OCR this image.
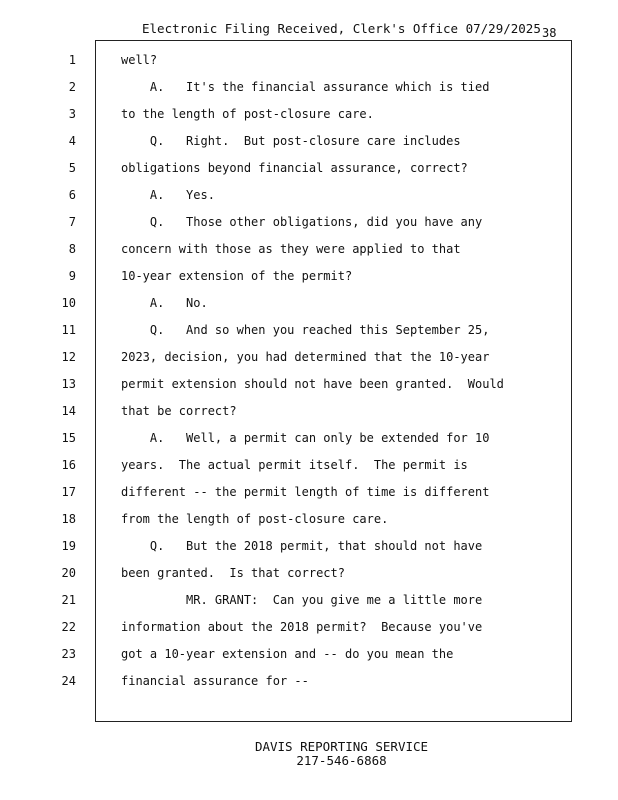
Electronic Filing Received, Clerk's Office 07/29/2025 38
1
2
3
4
5
6
7
8
9
10
11
12
13
14
15
16
17
18
19
20
21
22
23
24
well?
A.   It's the financial assurance which is tied
to the length of post-closure care.
Q.   Right.  But post-closure care includes
obligations beyond financial assurance, correct?
A.   Yes.
Q.   Those other obligations, did you have any
concern with those as they were applied to that
10-year extension of the permit?
A.   No.
Q.   And so when you reached this September 25,
2023, decision, you had determined that the 10-year
permit extension should not have been granted.  Would
that be correct?
A.   Well, a permit can only be extended for 10
years.  The actual permit itself.  The permit is
different -- the permit length of time is different
from the length of post-closure care.
Q.   But the 2018 permit, that should not have
been granted.  Is that correct?
MR. GRANT:  Can you give me a little more
information about the 2018 permit?  Because you've
got a 10-year extension and -- do you mean the
financial assurance for --
DAVIS REPORTING SERVICE
217-546-6868
